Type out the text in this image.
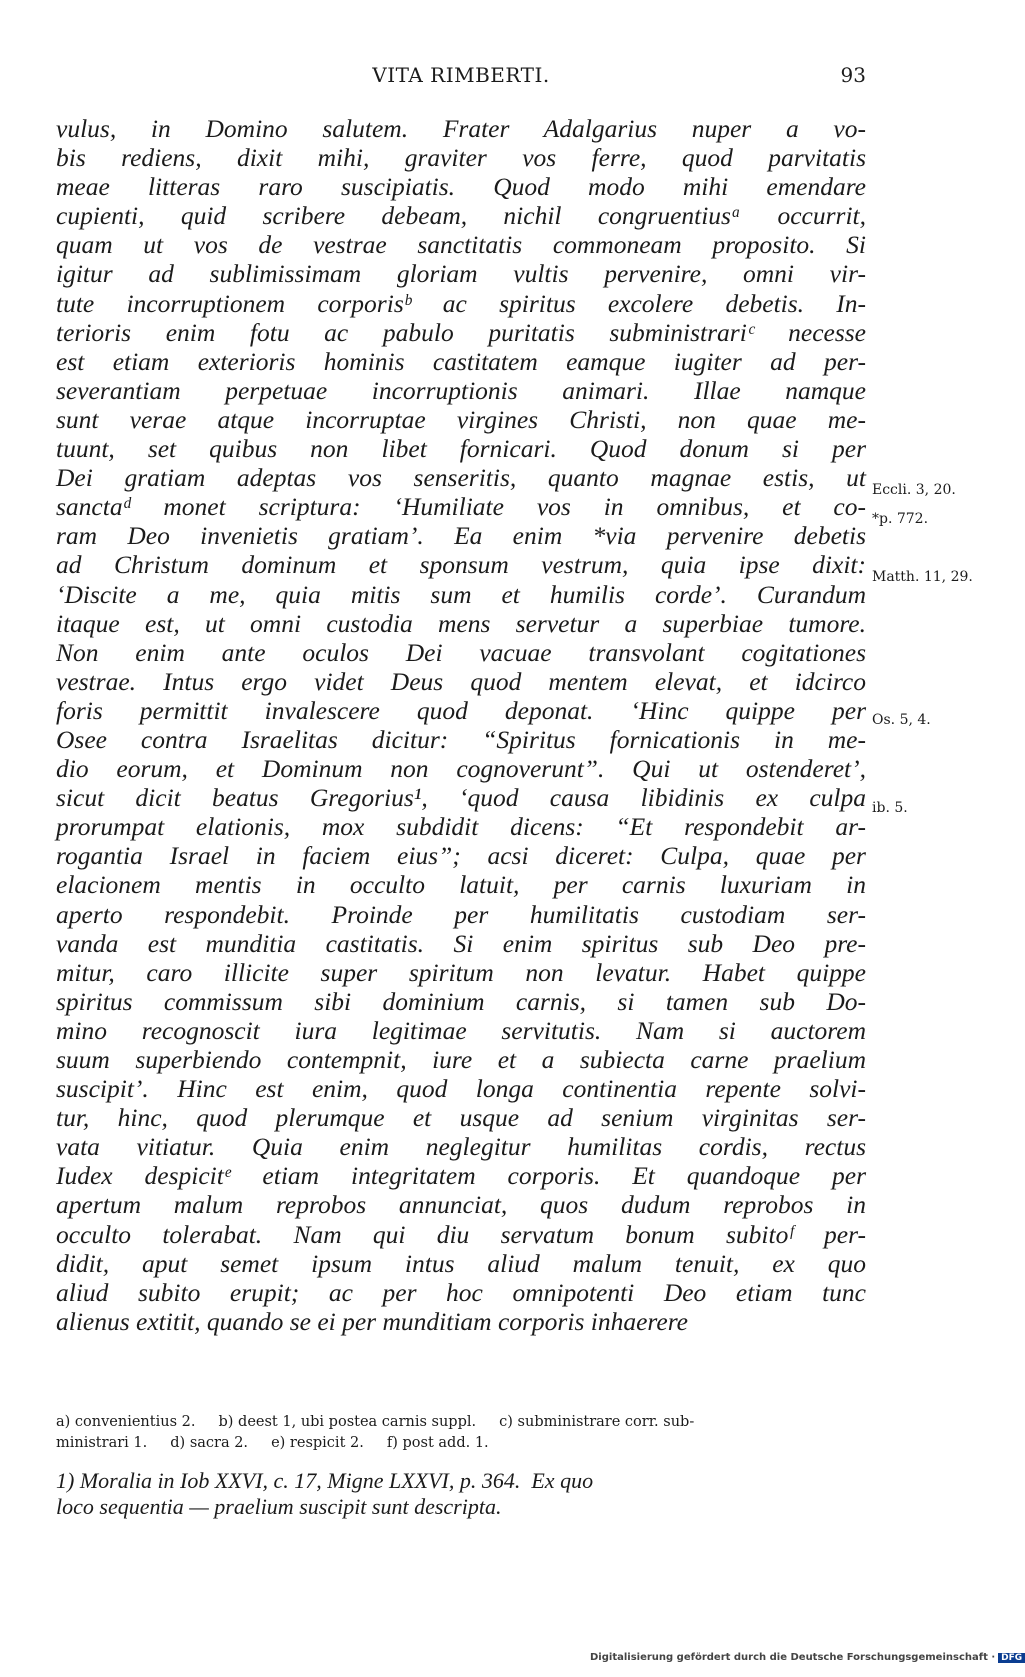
VITA RIMBERTI.	93
vulus, in Domino salutem. Frater Adalgarius nuper a vo-
bis rediens, dixit mihi, graviter vos ferre, quod parvitatis
meae litteras raro suscipiatis. Quod modo mihi emendare
cupienti, quid scribere debeam, nichil congruentiusᵃ occurrit,
quam ut vos de vestrae sanctitatis commoneam proposito. Si
igitur ad sublimissimam gloriam vultis pervenire, omni vir-
tute incorruptionem corporisᵇ ac spiritus excolere debetis. In-
terioris enim fotu ac pabulo puritatis subministrariᶜ necesse
est etiam exterioris hominis castitatem eamque iugiter ad per-
severantiam perpetuae incorruptionis animari. Illae namque
sunt verae atque incorruptae virgines Christi, non quae me-
tuunt, set quibus non libet fornicari. Quod donum si per
Dei gratiam adeptas vos senseritis, quanto magnae estis, ut
sanctaᵈ monet scriptura: ‘Humiliate vos in omnibus, et co-
ram Deo invenietis gratiam’. Ea enim *via pervenire debetis
ad Christum dominum et sponsum vestrum, quia ipse dixit:
‘Discite a me, quia mitis sum et humilis corde’. Curandum
itaque est, ut omni custodia mens servetur a superbiae tumore.
Non enim ante oculos Dei vacuae transvolant cogitationes
vestrae. Intus ergo videt Deus quod mentem elevat, et idcirco
foris permittit invalescere quod deponat. ‘Hinc quippe per
Osee contra Israelitas dicitur: “Spiritus fornicationis in me-
dio eorum, et Dominum non cognoverunt”. Qui ut ostenderet’,
sicut dicit beatus Gregorius¹, ‘quod causa libidinis ex culpa
prorumpat elationis, mox subdidit dicens: “Et respondebit ar-
rogantia Israel in faciem eius”; acsi diceret: Culpa, quae per
elacionem mentis in occulto latuit, per carnis luxuriam in
aperto respondebit. Proinde per humilitatis custodiam ser-
vanda est munditia castitatis. Si enim spiritus sub Deo pre-
mitur, caro illicite super spiritum non levatur. Habet quippe
spiritus commissum sibi dominium carnis, si tamen sub Do-
mino recognoscit iura legitimae servitutis. Nam si auctorem
suum superbiendo contempnit, iure et a subiecta carne praelium
suscipit’. Hinc est enim, quod longa continentia repente solvi-
tur, hinc, quod plerumque et usque ad senium virginitas ser-
vata vitiatur. Quia enim neglegitur humilitas cordis, rectus
Iudex despicitᵉ etiam integritatem corporis. Et quandoque per
apertum malum reprobos annunciat, quos dudum reprobos in
occulto tolerabat. Nam qui diu servatum bonum subitoᶠ per-
didit, aput semet ipsum intus aliud malum tenuit, ex quo
aliud subito erupit; ac per hoc omnipotenti Deo etiam tunc
alienus extitit, quando se ei per munditiam corporis inhaerere
Eccli. 3, 20.
*p. 772.
Matth. 11, 29.
Os. 5, 4.
ib. 5.
a) convenientius 2.     b) deest 1, ubi postea carnis suppl.     c) subministrare corr. sub-
ministrari 1.     d) sacra 2.     e) respicit 2.     f) post add. 1.
1) Moralia in Iob XXVI, c. 17, Migne LXXVI, p. 364.  Ex quo
loco sequentia — praelium suscipit sunt descripta.
Digitalisierung gefördert durch die Deutsche Forschungsgemeinschaft · DFG
